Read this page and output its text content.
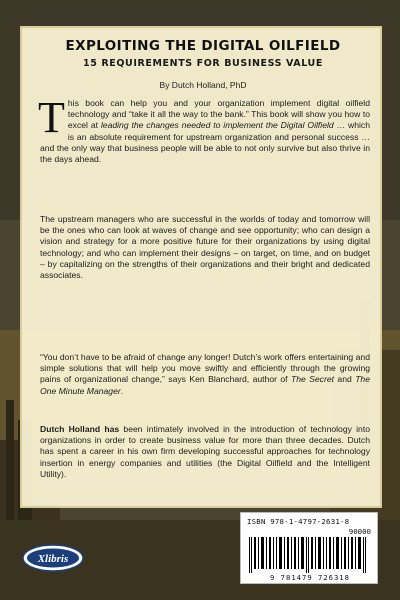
EXPLOITING THE DIGITAL OILFIELD
15 REQUIREMENTS FOR BUSINESS VALUE
By Dutch Holland, PhD
This book can help you and your organization implement digital oilfield technology and “take it all the way to the bank.” This book will show you how to excel at leading the changes needed to implement the Digital Oilfield … which is an absolute requirement for upstream organization and personal success … and the only way that business people will be able to not only survive but also thrive in the days ahead.
The upstream managers who are successful in the worlds of today and tomorrow will be the ones who can look at waves of change and see opportunity; who can design a vision and strategy for a more positive future for their organizations by using digital technology; and who can implement their designs – on target, on time, and on budget – by capitalizing on the strengths of their organizations and their bright and dedicated associates.
“You don’t have to be afraid of change any longer! Dutch’s work offers entertaining and simple solutions that will help you move swiftly and efficiently through the growing pains of organizational change,” says Ken Blanchard, author of The Secret and The One Minute Manager.
Dutch Holland has been intimately involved in the introduction of technology into organizations in order to create business value for more than three decades. Dutch has spent a career in his own firm developing successful approaches for technology insertion in energy companies and utilities (the Digital Oilfield and the Intelligent Utility).
Xlibris
ISBN 978-1-4797-2631-8
90000
9 781479 726318
